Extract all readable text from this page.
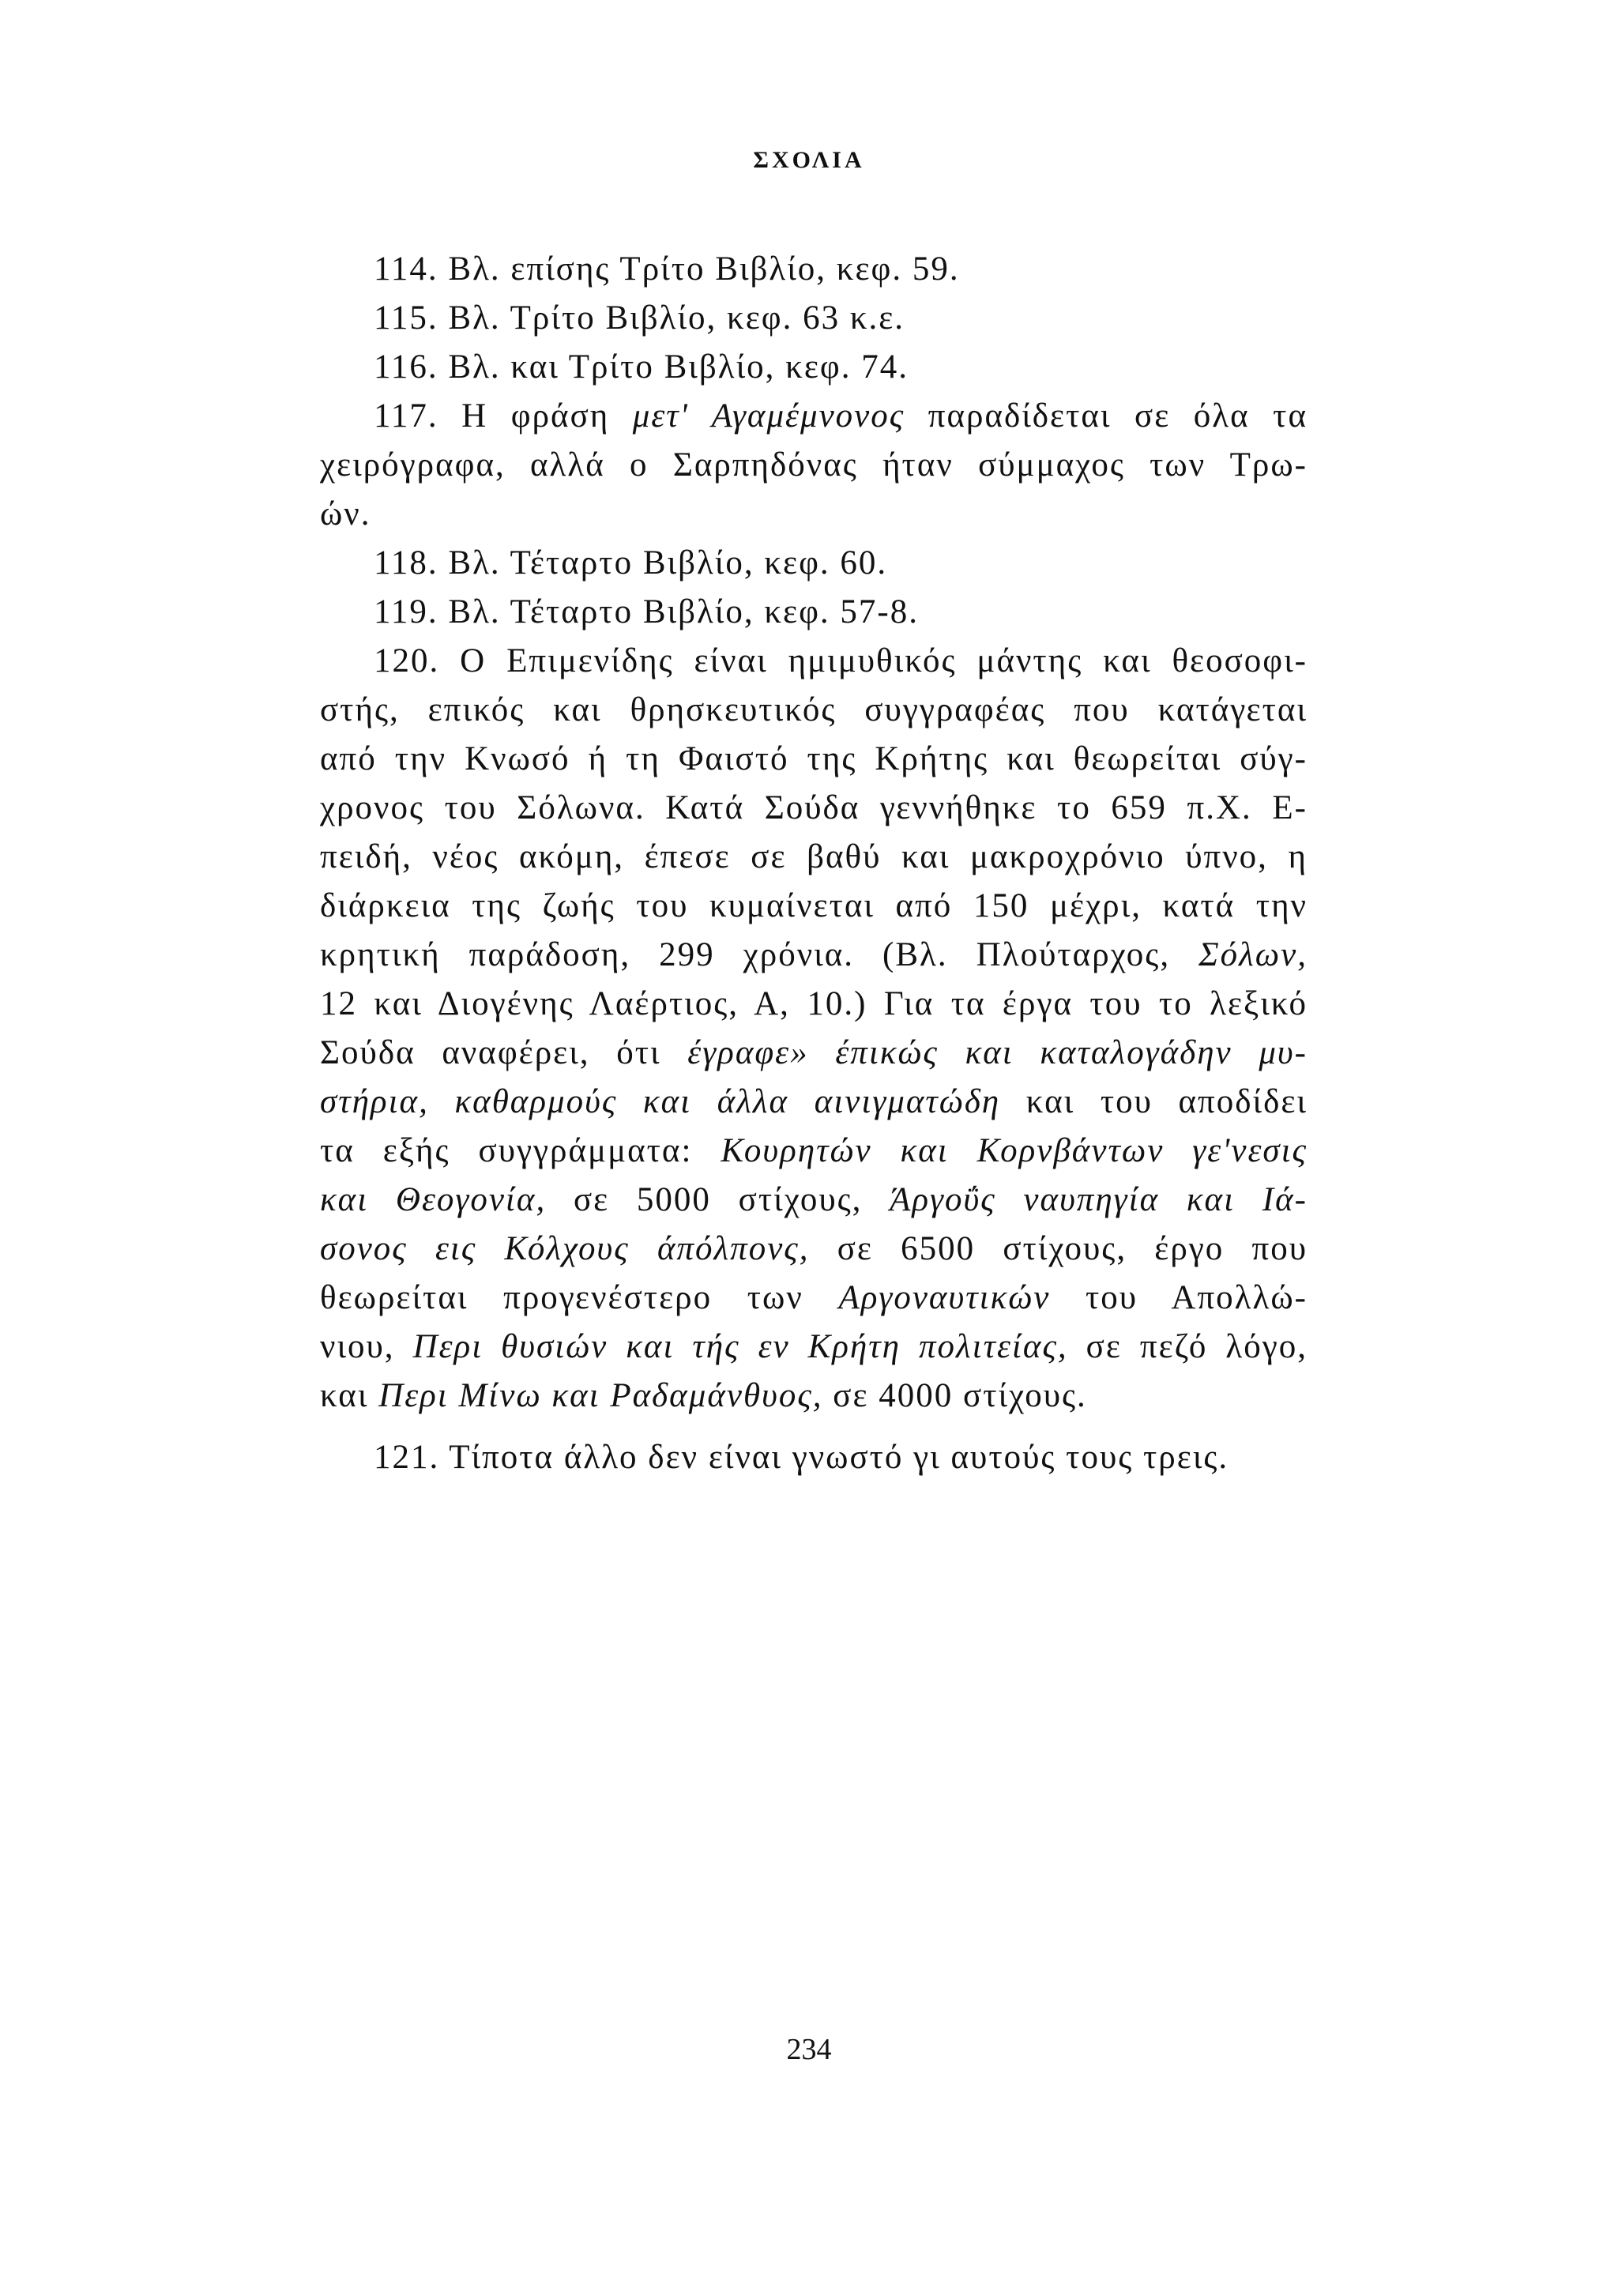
ΣΧΟΛΙΑ
114. Βλ. επίσης Τρίτο Βιβλίο, κεφ. 59.
115. Βλ. Τρίτο Βιβλίο, κεφ. 63 κ.ε.
116. Βλ. και Τρίτο Βιβλίο, κεφ. 74.
117. Η φράση μετ' Αγαμέμνονος παραδίδεται σε όλα τα
χειρόγραφα, αλλά ο Σαρπηδόνας ήταν σύμμαχος των Τρω-
ών.
118. Βλ. Τέταρτο Βιβλίο, κεφ. 60.
119. Βλ. Τέταρτο Βιβλίο, κεφ. 57-8.
120. Ο Επιμενίδης είναι ημιμυθικός μάντης και θεοσοφι-
στής, επικός και θρησκευτικός συγγραφέας που κατάγεται
από την Κνωσό ή τη Φαιστό της Κρήτης και θεωρείται σύγ-
χρονος του Σόλωνα. Κατά Σούδα γεννήθηκε το 659 π.Χ. Ε-
πειδή, νέος ακόμη, έπεσε σε βαθύ και μακροχρόνιο ύπνο, η
διάρκεια της ζωής του κυμαίνεται από 150 μέχρι, κατά την
κρητική παράδοση, 299 χρόνια. (Βλ. Πλούταρχος, Σόλων,
12 και Διογένης Λαέρτιος, Α, 10.) Για τα έργα του το λεξικό
Σούδα αναφέρει, ότι έγραφε» έπικώς και καταλογάδην μυ-
στήρια, καθαρμούς και άλλα αινιγματώδη και του αποδίδει
τα εξής συγγράμματα: Κουρητών και Κορνβάντων γε'νεσις
και Θεογονία, σε 5000 στίχους, Άργοΰς ναυπηγία και Ιά-
σονος εις Κόλχους άπόλπονς, σε 6500 στίχους, έργο που
θεωρείται προγενέστερο των Αργοναυτικών του Απολλώ-
νιου, Περι θυσιών και τής εν Κρήτη πολιτείας, σε πεζό λόγο,
και Περι Μίνω και Ραδαμάνθυος, σε 4000 στίχους.
121. Τίποτα άλλο δεν είναι γνωστό γι αυτούς τους τρεις.
234
